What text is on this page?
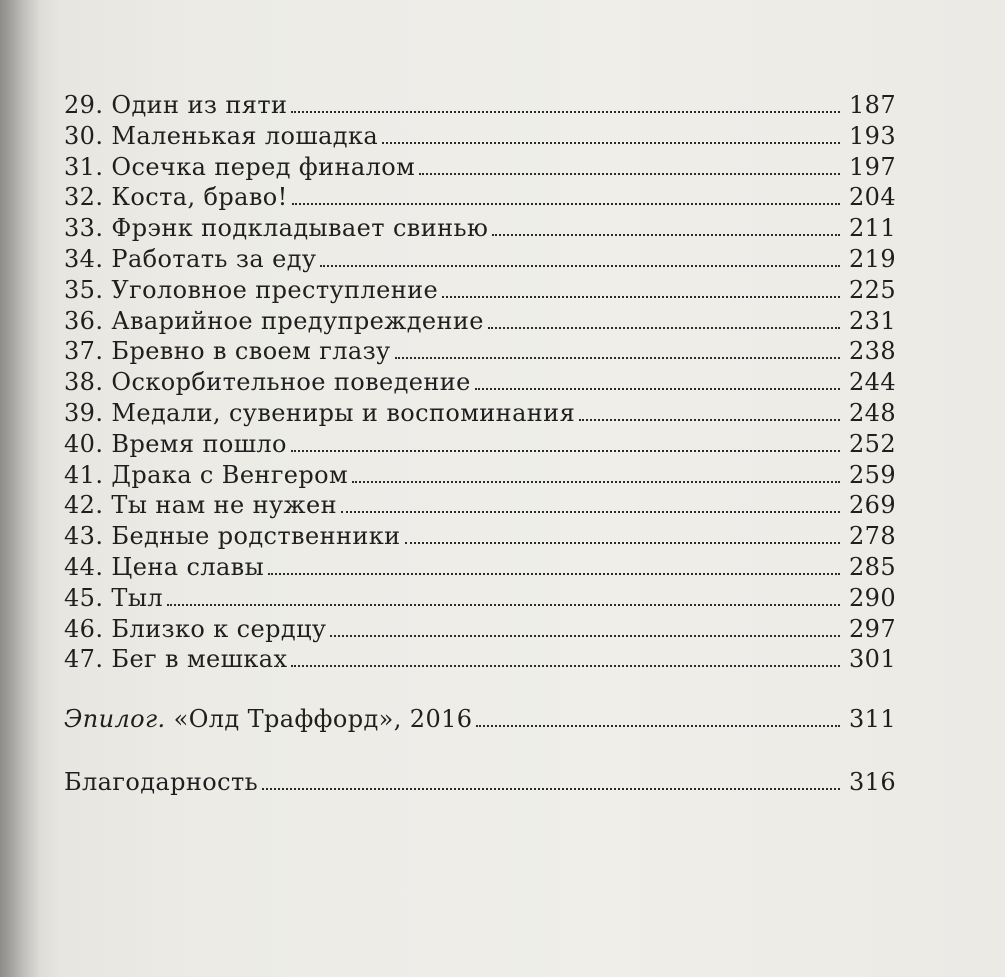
29. Один из пяти	187
30. Маленькая лошадка	193
31. Осечка перед финалом	197
32. Коста, браво!	204
33. Фрэнк подкладывает свинью	211
34. Работать за еду	219
35. Уголовное преступление	225
36. Аварийное предупреждение	231
37. Бревно в своем глазу	238
38. Оскорбительное поведение	244
39. Медали, сувениры и воспоминания	248
40. Время пошло	252
41. Драка с Венгером	259
42. Ты нам не нужен	269
43. Бедные родственники	278
44. Цена славы	285
45. Тыл	290
46. Близко к сердцу	297
47. Бег в мешках	301
Эпилог. «Олд Траффорд», 2016	311
Благодарность	316
